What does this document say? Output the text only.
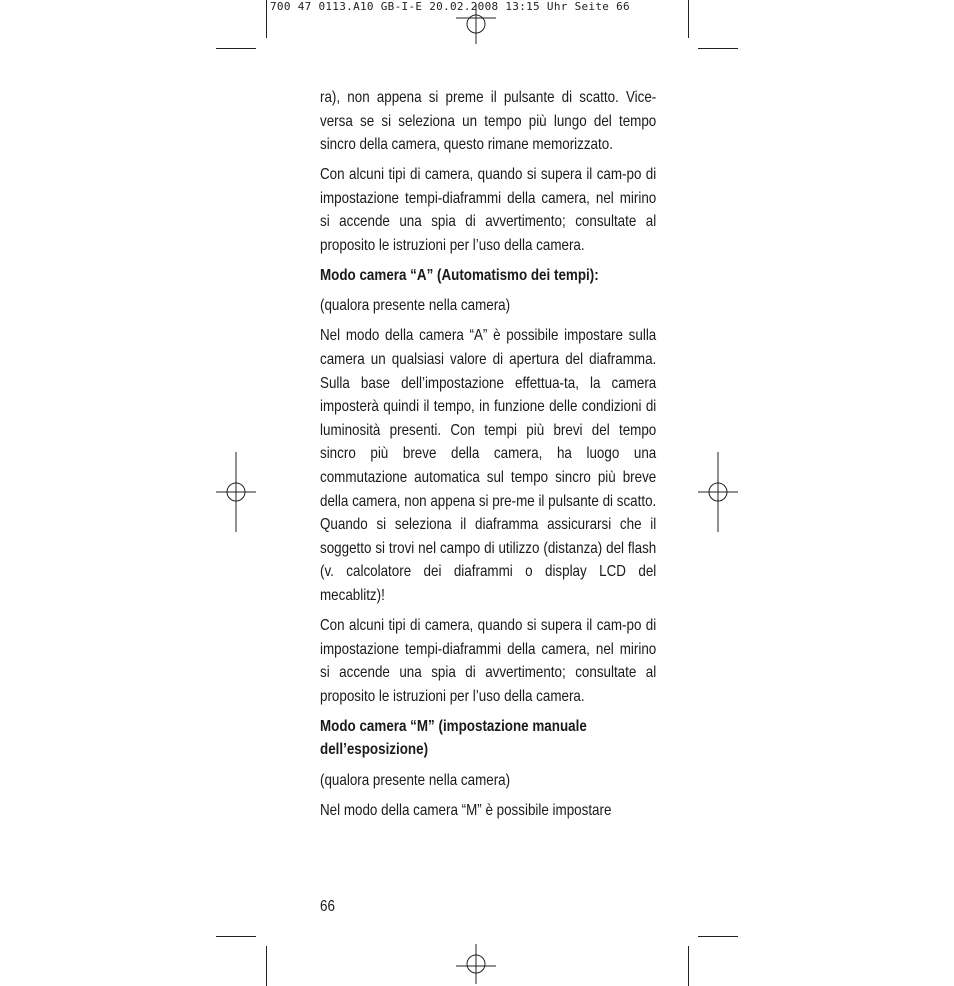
700 47 0113.A10 GB-I-E 20.02.2008 13:15 Uhr Seite 66

ra), non appena si preme il pulsante di scatto. Vice-versa se si seleziona un tempo più lungo del tempo sincro della camera, questo rimane memorizzato.

Con alcuni tipi di camera, quando si supera il cam-po di impostazione tempi-diaframmi della camera, nel mirino si accende una spia di avvertimento; consultate al proposito le istruzioni per l’uso della camera.

Modo camera “A” (Automatismo dei tempi):

(qualora presente nella camera)

Nel modo della camera “A” è possibile impostare sulla camera un qualsiasi valore di apertura del diaframma. Sulla base dell’impostazione effettua-ta, la camera imposterà quindi il tempo, in funzione delle condizioni di luminosità presenti. Con tempi più brevi del tempo sincro più breve della camera, ha luogo una commutazione automatica sul tempo sincro più breve della camera, non appena si pre-me il pulsante di scatto. Quando si seleziona il diaframma assicurarsi che il soggetto si trovi nel campo di utilizzo (distanza) del flash (v. calcolatore dei diaframmi o display LCD del mecablitz)!

Con alcuni tipi di camera, quando si supera il cam-po di impostazione tempi-diaframmi della camera, nel mirino si accende una spia di avvertimento; consultate al proposito le istruzioni per l’uso della camera.

Modo camera “M” (impostazione manuale dell’esposizione)

(qualora presente nella camera)

Nel modo della camera “M” è possibile impostare

66
